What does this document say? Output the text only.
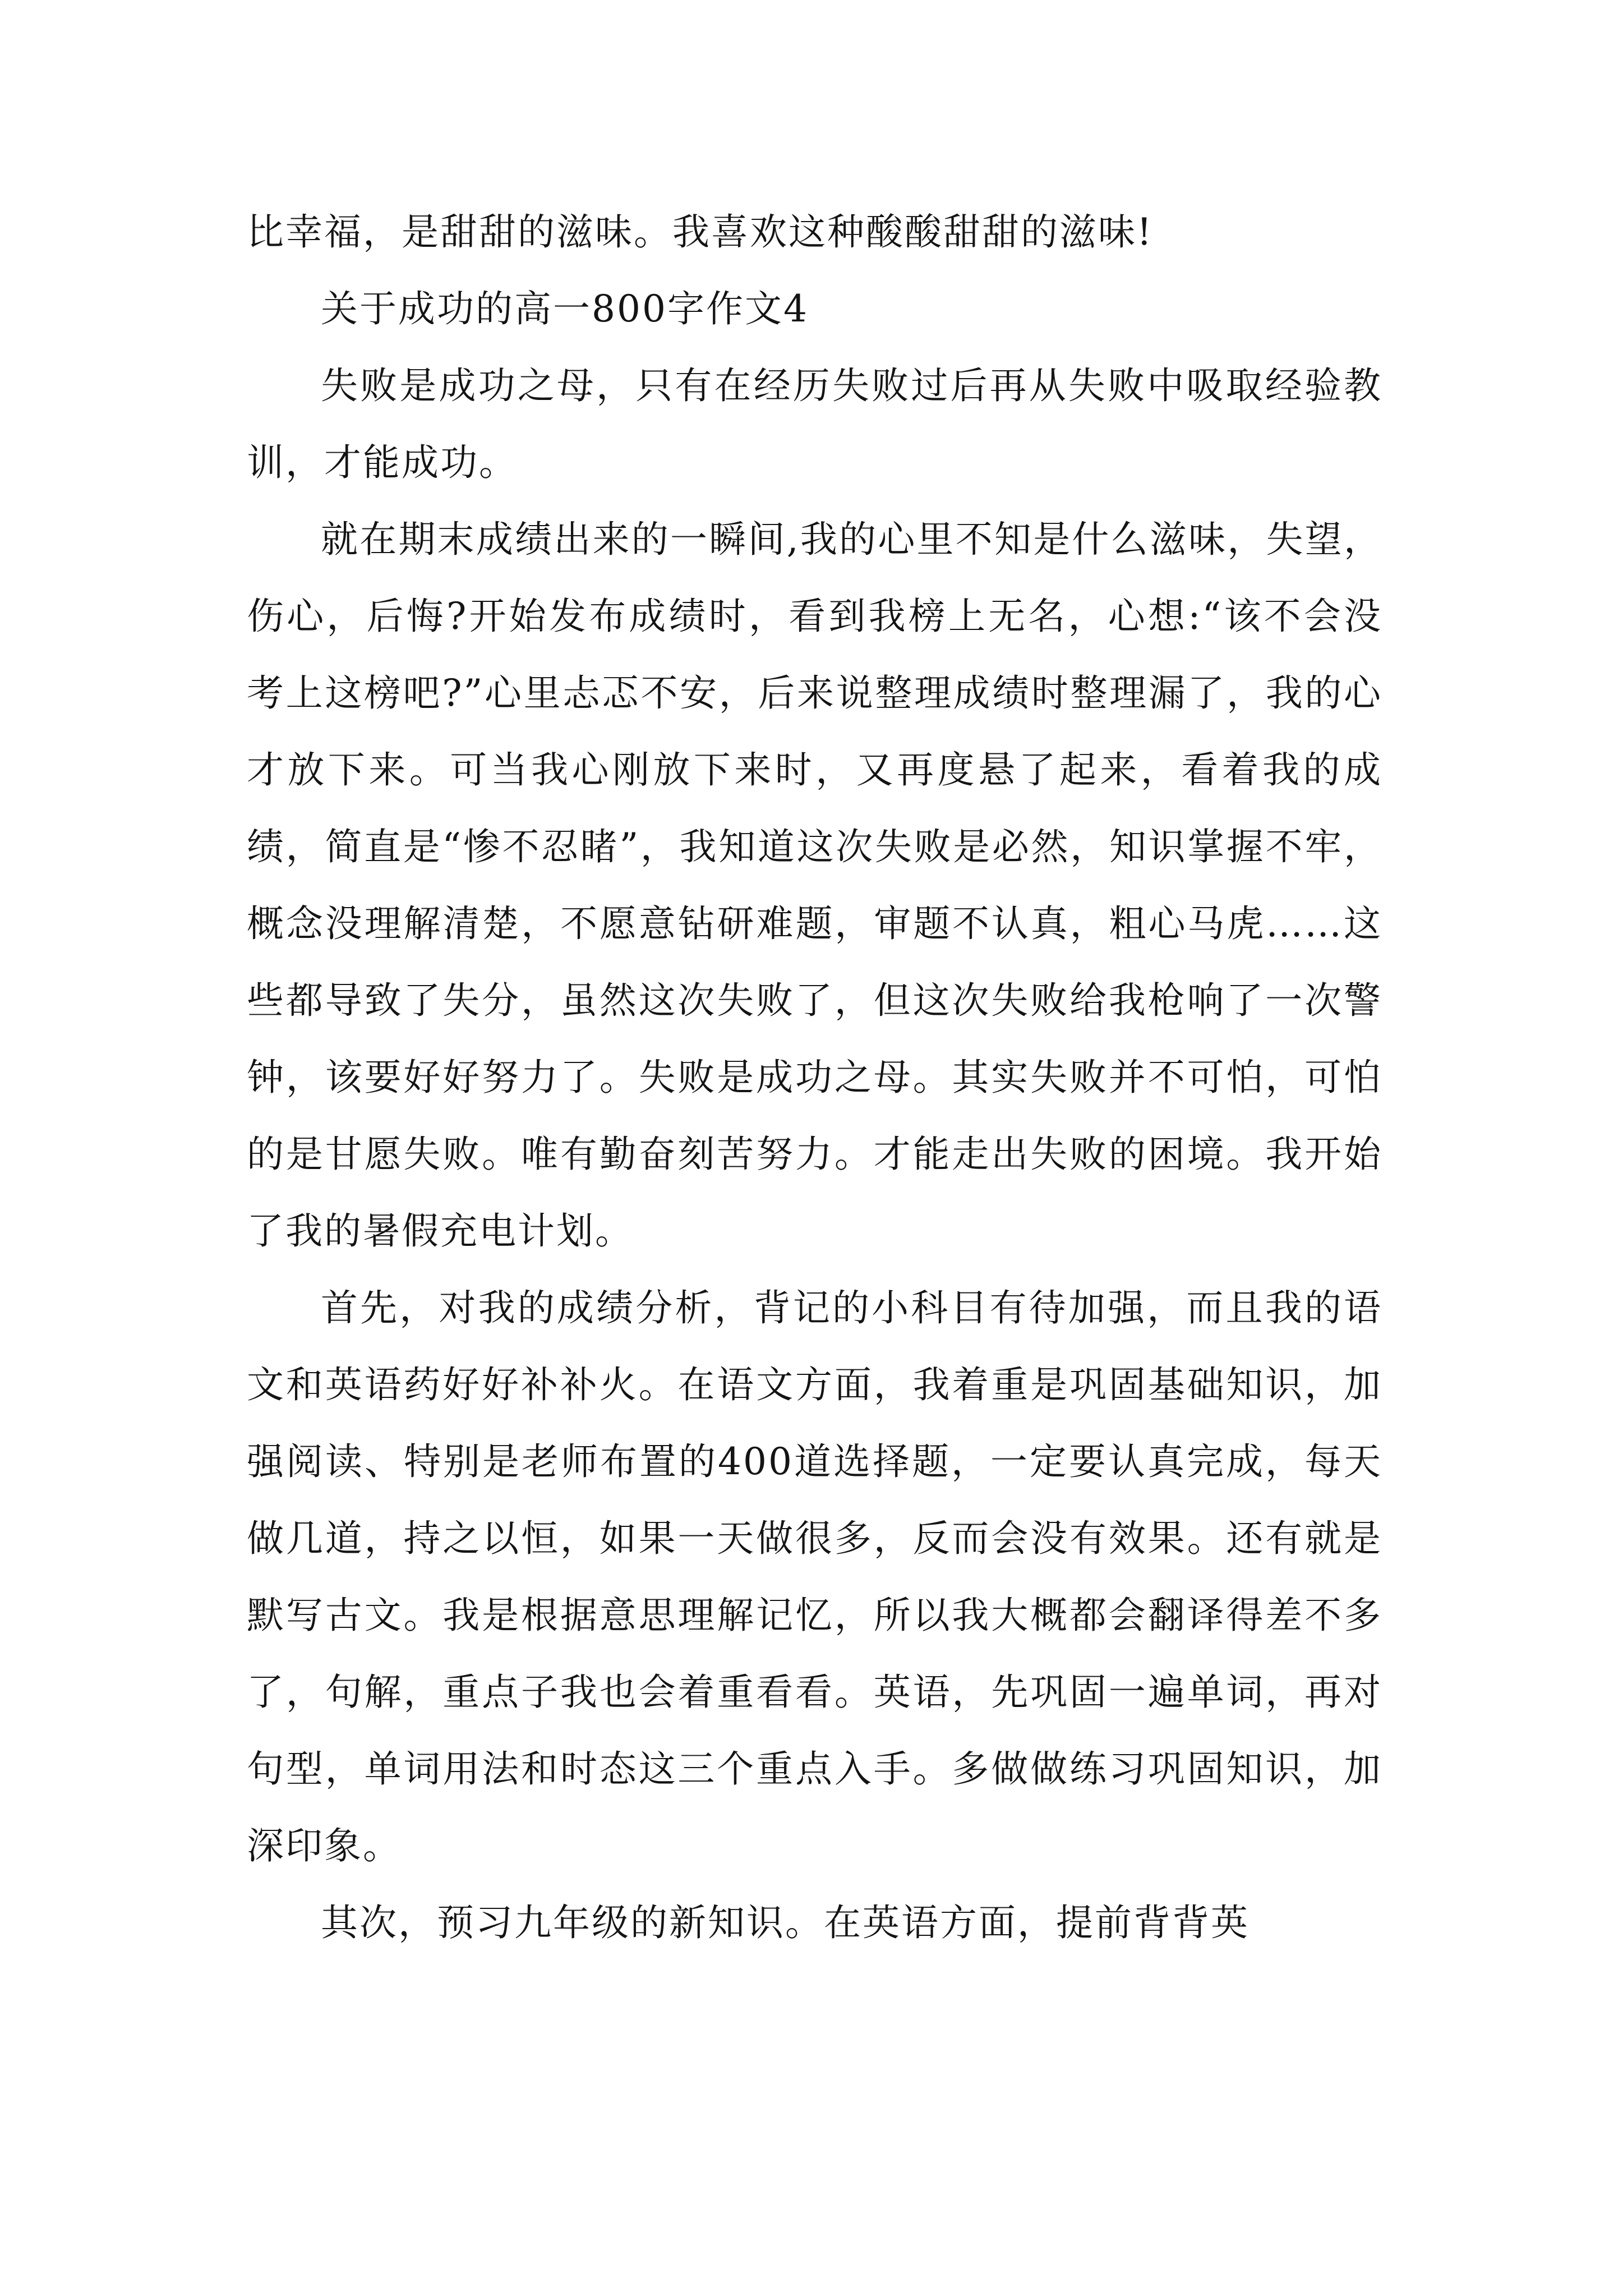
比幸福，是甜甜的滋味。我喜欢这种酸酸甜甜的滋味!

关于成功的高一800字作文4

失败是成功之母，只有在经历失败过后再从失败中吸取经验教训，才能成功。

就在期末成绩出来的一瞬间,我的心里不知是什么滋味，失望，伤心，后悔?开始发布成绩时，看到我榜上无名，心想:“该不会没考上这榜吧?”心里忐忑不安，后来说整理成绩时整理漏了，我的心才放下来。可当我心刚放下来时，又再度悬了起来，看着我的成绩，简直是“惨不忍睹”，我知道这次失败是必然，知识掌握不牢，概念没理解清楚，不愿意钻研难题，审题不认真，粗心马虎……这些都导致了失分，虽然这次失败了，但这次失败给我枪响了一次警钟，该要好好努力了。失败是成功之母。其实失败并不可怕，可怕的是甘愿失败。唯有勤奋刻苦努力。才能走出失败的困境。我开始了我的暑假充电计划。

首先，对我的成绩分析，背记的小科目有待加强，而且我的语文和英语药好好补补火。在语文方面，我着重是巩固基础知识，加强阅读、特别是老师布置的400道选择题，一定要认真完成，每天做几道，持之以恒，如果一天做很多，反而会没有效果。还有就是默写古文。我是根据意思理解记忆，所以我大概都会翻译得差不多了，句解，重点子我也会着重看看。英语，先巩固一遍单词，再对句型，单词用法和时态这三个重点入手。多做做练习巩固知识，加深印象。

其次，预习九年级的新知识。在英语方面，提前背背英
